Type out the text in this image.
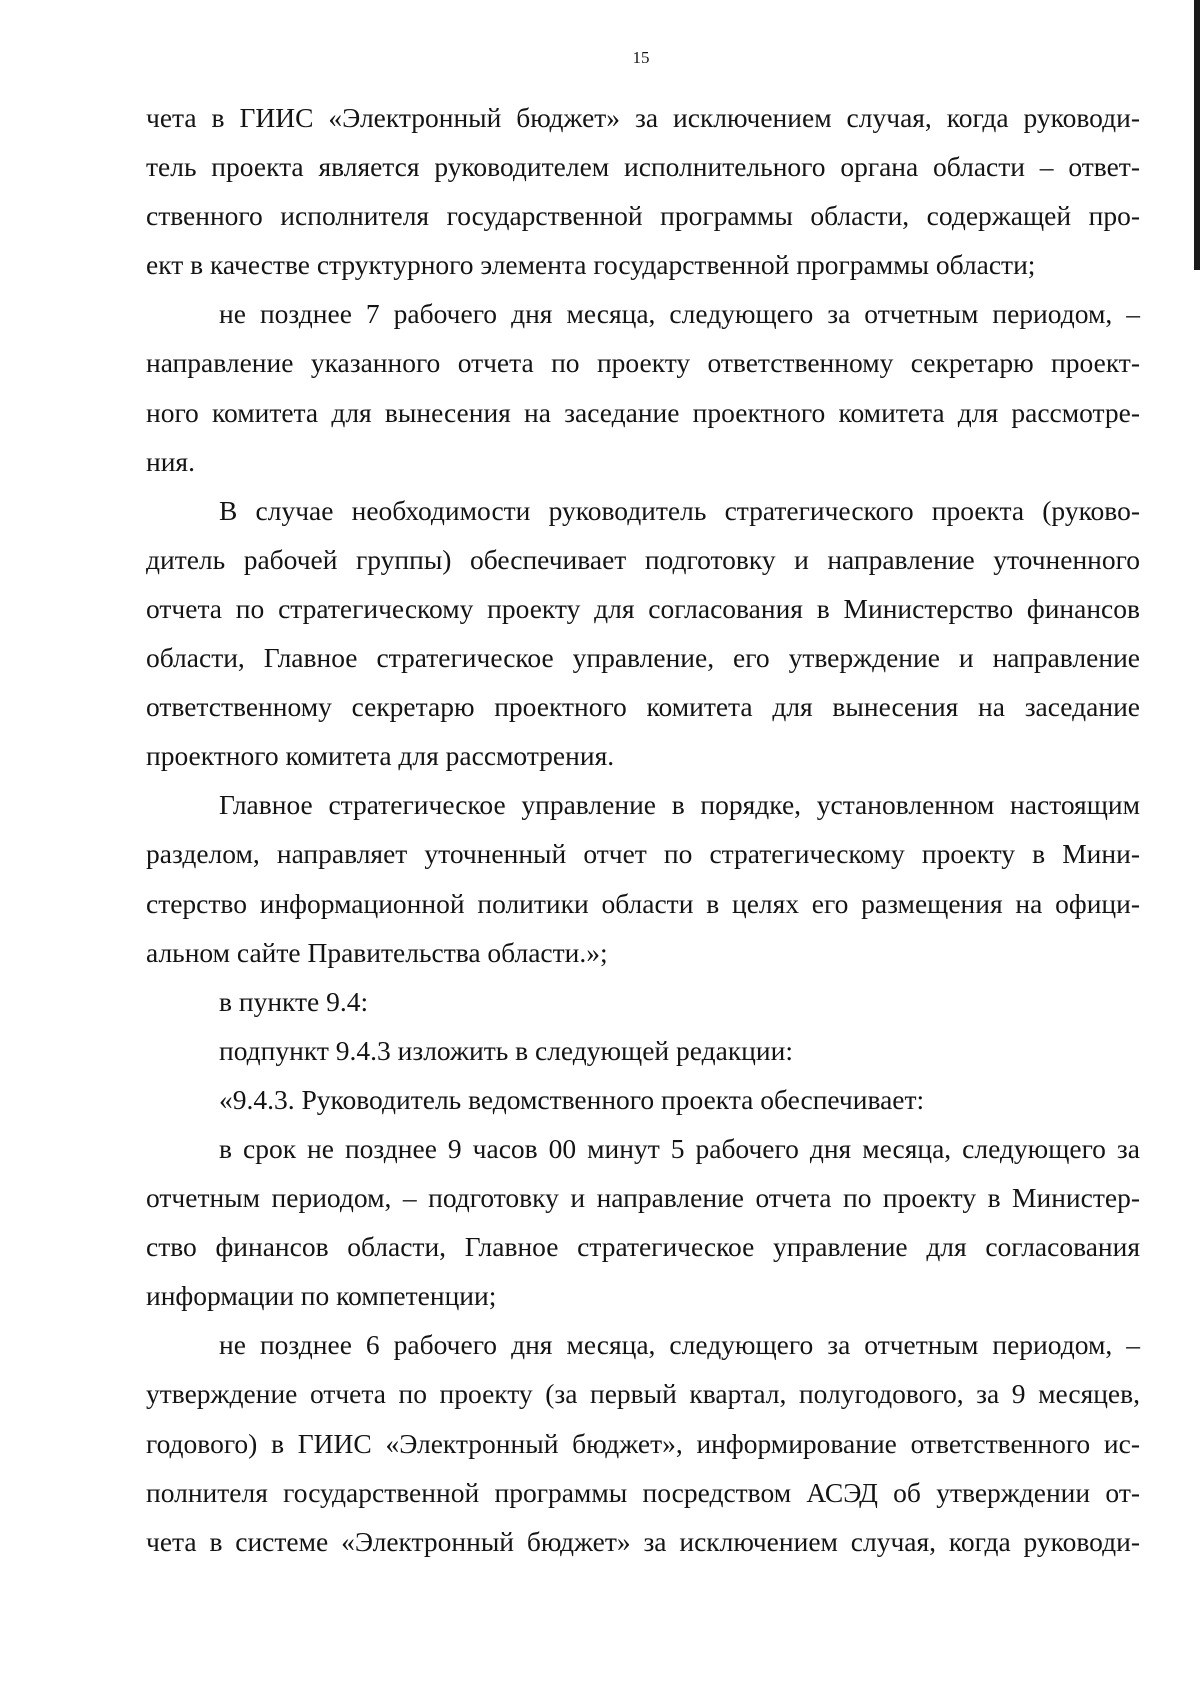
15
чета в ГИИС «Электронный бюджет» за исключением случая, когда руководи-
тель проекта является руководителем исполнительного органа области – ответ-
ственного исполнителя государственной программы области, содержащей про-
ект в качестве структурного элемента государственной программы области;
не позднее 7 рабочего дня месяца, следующего за отчетным периодом, –
направление указанного отчета по проекту ответственному секретарю проект-
ного комитета для вынесения на заседание проектного комитета для рассмотре-
ния.
В случае необходимости руководитель стратегического проекта (руково-
дитель рабочей группы) обеспечивает подготовку и направление уточненного
отчета по стратегическому проекту для согласования в Министерство финансов
области, Главное стратегическое управление, его утверждение и направление
ответственному секретарю проектного комитета для вынесения на заседание
проектного комитета для рассмотрения.
Главное стратегическое управление в порядке, установленном настоящим
разделом, направляет уточненный отчет по стратегическому проекту в Мини-
стерство информационной политики области в целях его размещения на офици-
альном сайте Правительства области.»;
в пункте 9.4:
подпункт 9.4.3 изложить в следующей редакции:
«9.4.3. Руководитель ведомственного проекта обеспечивает:
в срок не позднее 9 часов 00 минут 5 рабочего дня месяца, следующего за
отчетным периодом, – подготовку и направление отчета по проекту в Министер-
ство финансов области, Главное стратегическое управление для согласования
информации по компетенции;
не позднее 6 рабочего дня месяца, следующего за отчетным периодом, –
утверждение отчета по проекту (за первый квартал, полугодового, за 9 месяцев,
годового) в ГИИС «Электронный бюджет», информирование ответственного ис-
полнителя государственной программы посредством АСЭД об утверждении от-
чета в системе «Электронный бюджет» за исключением случая, когда руководи-
